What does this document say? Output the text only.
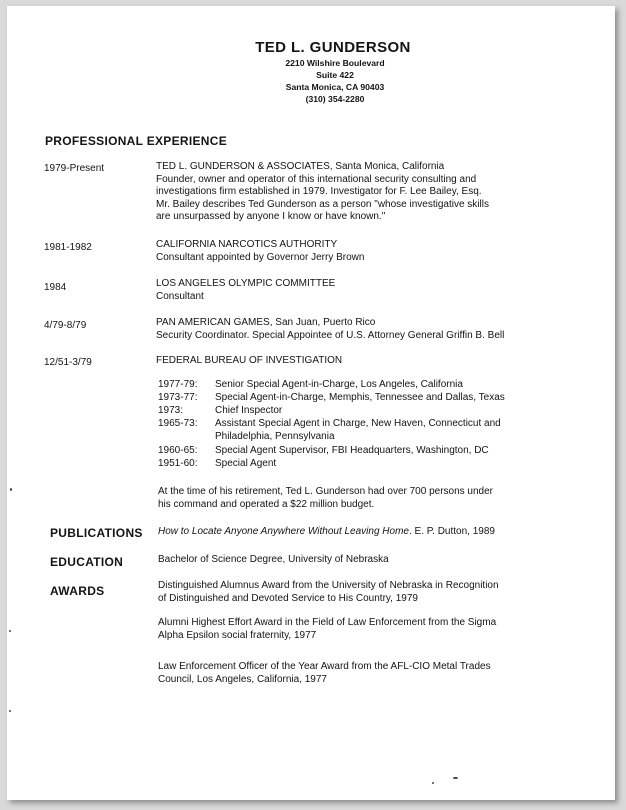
TED L. GUNDERSON
2210 Wilshire Boulevard
Suite 422
Santa Monica, CA 90403
(310) 354-2280
PROFESSIONAL EXPERIENCE
1979-Present	TED L. GUNDERSON & ASSOCIATES, Santa Monica, California
Founder, owner and operator of this international security consulting and
investigations firm established in 1979. Investigator for F. Lee Bailey, Esq.
Mr. Bailey describes Ted Gunderson as a person "whose investigative skills
are unsurpassed by anyone I know or have known."
1981-1982	CALIFORNIA NARCOTICS AUTHORITY
Consultant appointed by Governor Jerry Brown
1984	LOS ANGELES OLYMPIC COMMITTEE
Consultant
4/79-8/79	PAN AMERICAN GAMES, San Juan, Puerto Rico
Security Coordinator. Special Appointee of U.S. Attorney General Griffin B. Bell
12/51-3/79	FEDERAL BUREAU OF INVESTIGATION
1977-79: Senior Special Agent-in-Charge, Los Angeles, California
1973-77: Special Agent-in-Charge, Memphis, Tennessee and Dallas, Texas
1973:	Chief Inspector
1965-73: Assistant Special Agent in Charge, New Haven, Connecticut and
Philadelphia, Pennsylvania
1960-65: Special Agent Supervisor, FBI Headquarters, Washington, DC
1951-60: Special Agent
At the time of his retirement, Ted L. Gunderson had over 700 persons under
his command and operated a $22 million budget.
PUBLICATIONS How to Locate Anyone Anywhere Without Leaving Home. E. P. Dutton, 1989
EDUCATION	Bachelor of Science Degree, University of Nebraska
AWARDS	Distinguished Alumnus Award from the University of Nebraska in Recognition
of Distinguished and Devoted Service to His Country, 1979
Alumni Highest Effort Award in the Field of Law Enforcement from the Sigma
Alpha Epsilon social fraternity, 1977
Law Enforcement Officer of the Year Award from the AFL-CIO Metal Trades
Council, Los Angeles, California, 1977
